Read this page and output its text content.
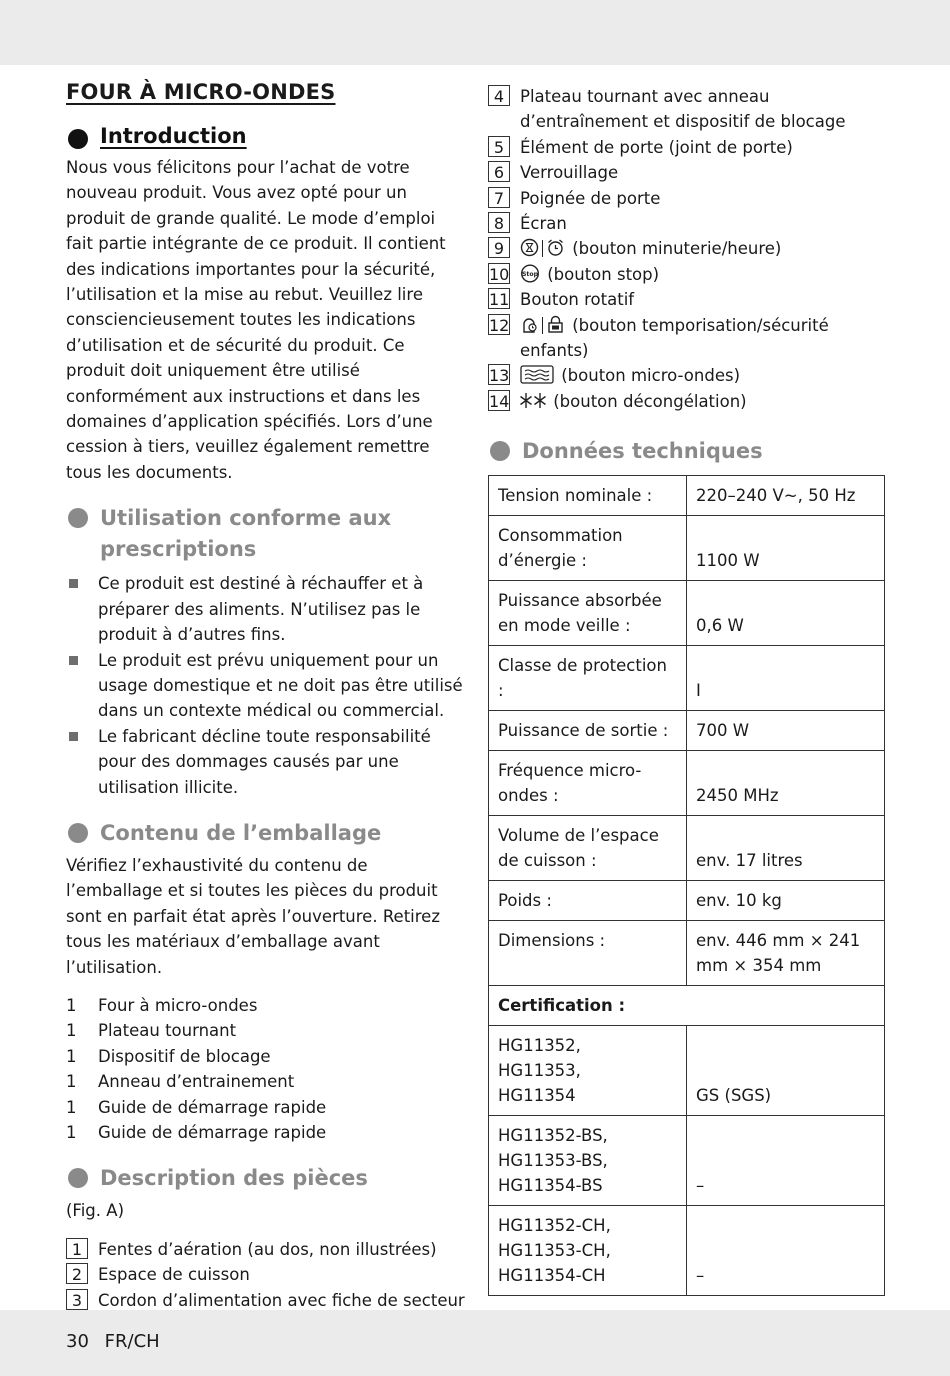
FOUR À MICRO-ONDES
Introduction

Nous vous félicitons pour l’achat de votre nouveau produit. Vous avez opté pour un produit de grande qualité. Le mode d’emploi fait partie intégrante de ce produit. Il contient des indications importantes pour la sécurité, l’utilisation et la mise au rebut. Veuillez lire consciencieusement toutes les indications d’utilisation et de sécurité du produit. Ce produit doit uniquement être utilisé conformément aux instructions et dans les domaines d’application spécifiés. Lors d’une cession à tiers, veuillez également remettre tous les documents.

Utilisation conforme aux prescriptions
Ce produit est destiné à réchauffer et à préparer des aliments. N’utilisez pas le produit à d’autres fins.
Le produit est prévu uniquement pour un usage domestique et ne doit pas être utilisé dans un contexte médical ou commercial.
Le fabricant décline toute responsabilité pour des dommages causés par une utilisation illicite.
Contenu de l’emballage

Vérifiez l’exhaustivité du contenu de l’emballage et si toutes les pièces du produit sont en parfait état après l’ouverture. Retirez tous les matériaux d’emballage avant l’utilisation.

1	Four à micro-ondes
1	Plateau tournant
1	Dispositif de blocage
1	Anneau d’entrainement
1	Guide de démarrage rapide
1	Guide de démarrage rapide
Description des pièces

(Fig. A)

1 Fentes d’aération (au dos, non illustrées)
2 Espace de cuisson
3 Cordon d’alimentation avec fiche de secteur
4 Plateau tournant avec anneau d’entraînement et dispositif de blocage
5 Élément de porte (joint de porte)
6 Verrouillage
7 Poignée de porte
8 Écran
9	(bouton minuterie/heure)
10 Stop (bouton stop)
11 Bouton rotatif
12	(bouton temporisation/sécurité enfants)
13	(bouton micro-ondes)
14	(bouton décongélation)
Données techniques
Tension nominale :	220–240 V~, 50 Hz
Consommation d’énergie :	1100 W
Puissance absorbée en mode veille :	0,6 W
Classe de protection :	I
Puissance de sortie :	700 W
Fréquence micro-ondes :	2450 MHz
Volume de l’espace de cuisson :	env. 17 litres
Poids :	env. 10 kg
Dimensions :	env. 446 mm × 241 mm × 354 mm
Certification :	

HG11352,
HG11353,
HG11354	GS (SGS)

HG11352-BS,
HG11353-BS,
HG11354-BS	–

HG11352-CH,
HG11353-CH,
HG11354-CH	–
30 FR/CH
